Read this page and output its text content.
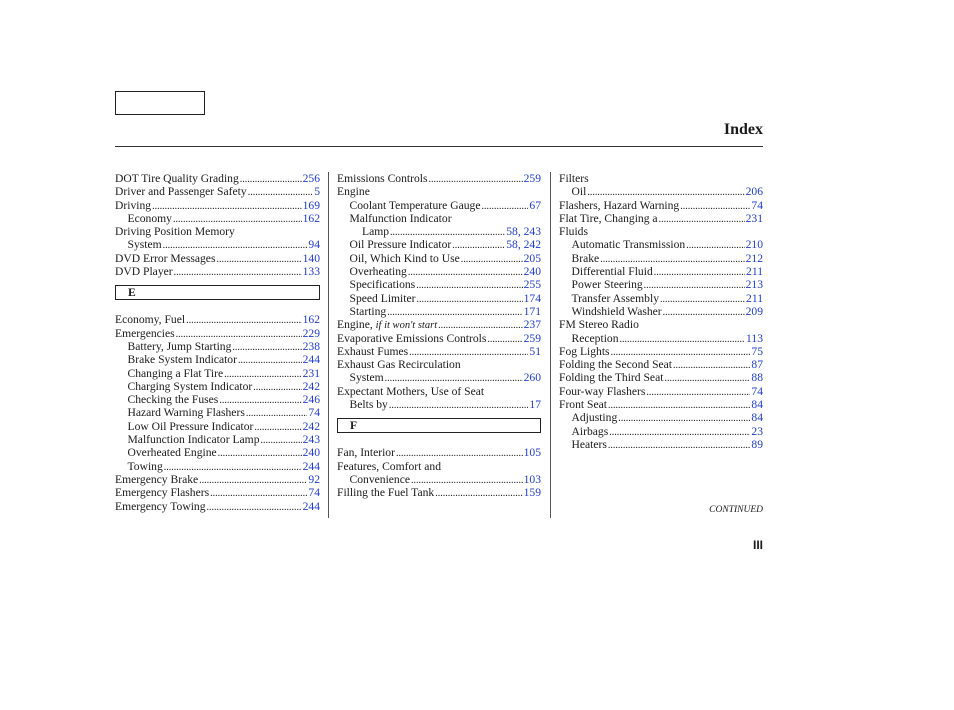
Index
DOT Tire Quality Grading .....	256
Driver and Passenger Safety .....	5
Driving .....	169
Economy .....	162
Driving Position Memory
System .....	94
DVD Error Messages .....	140
DVD Player .....	133
E
Economy, Fuel .....	162
Emergencies .....	229
Battery, Jump Starting .....	238
Brake System Indicator .....	244
Changing a Flat Tire .....	231
Charging System Indicator .....	242
Checking the Fuses .....	246
Hazard Warning Flashers .....	74
Low Oil Pressure Indicator .....	242
Malfunction Indicator Lamp .....	243
Overheated Engine .....	240
Towing .....	244
Emergency Brake .....	92
Emergency Flashers .....	74
Emergency Towing .....	244
Emissions Controls .....	259
Engine
Coolant Temperature Gauge .....	67
Malfunction Indicator
Lamp .....	58, 243
Oil Pressure Indicator .....	58, 242
Oil, Which Kind to Use .....	205
Overheating .....	240
Specifications .....	255
Speed Limiter .....	174
Starting .....	171
Engine, if it won't start .....	237
Evaporative Emissions Controls .....	259
Exhaust Fumes .....	51
Exhaust Gas Recirculation
System .....	260
Expectant Mothers, Use of Seat
Belts by .....	17
F
Fan, Interior .....	105
Features, Comfort and
Convenience .....	103
Filling the Fuel Tank .....	159
Filters
Oil .....	206
Flashers, Hazard Warning .....	74
Flat Tire, Changing a .....	231
Fluids
Automatic Transmission .....	210
Brake .....	212
Differential Fluid .....	211
Power Steering .....	213
Transfer Assembly .....	211
Windshield Washer .....	209
FM Stereo Radio
Reception .....	113
Fog Lights .....	75
Folding the Second Seat .....	87
Folding the Third Seat .....	88
Four-way Flashers .....	74
Front Seat .....	84
Adjusting .....	84
Airbags .....	23
Heaters .....	89
CONTINUED
III
